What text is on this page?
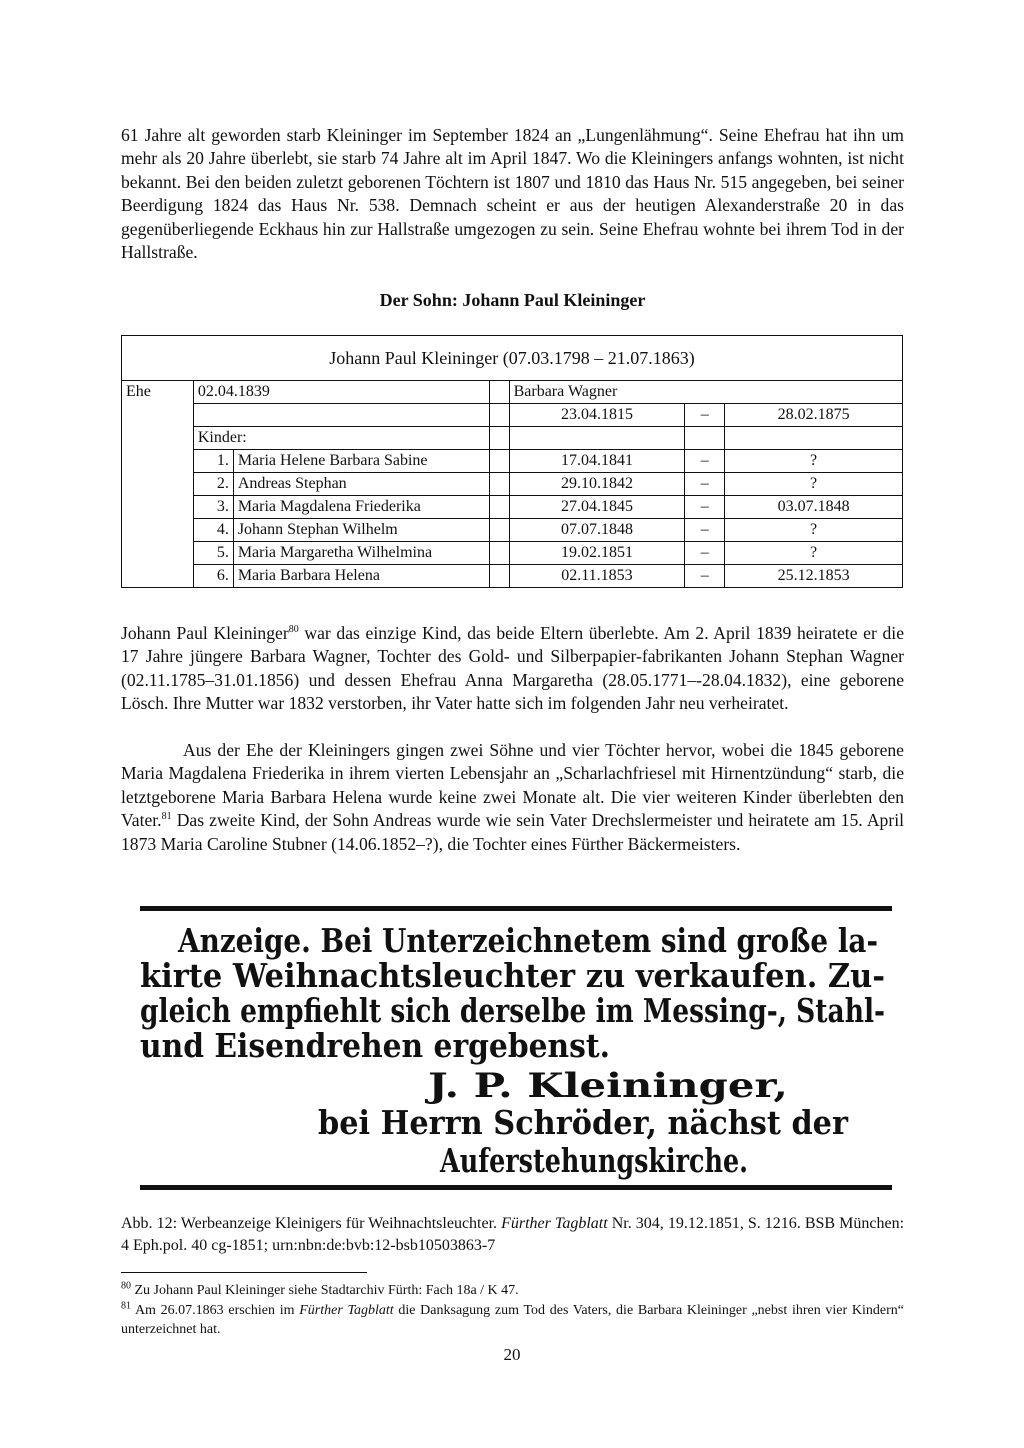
61 Jahre alt geworden starb Kleininger im September 1824 an „Lungenlähmung“. Seine Ehefrau hat ihn um mehr als 20 Jahre überlebt, sie starb 74 Jahre alt im April 1847. Wo die Kleiningers anfangs wohnten, ist nicht bekannt. Bei den beiden zuletzt geborenen Töchtern ist 1807 und 1810 das Haus Nr. 515 angegeben, bei seiner Beerdigung 1824 das Haus Nr. 538. Demnach scheint er aus der heutigen Alexanderstraße 20 in das gegenüberliegende Eckhaus hin zur Hallstraße umgezogen zu sein. Seine Ehefrau wohnte bei ihrem Tod in der Hallstraße.

Der Sohn: Johann Paul Kleininger

Johann Paul Kleininger (07.03.1798 – 21.07.1863)						
Ehe	02.04.1839			Barbara Wagner		
				23.04.1815	–	28.02.1875
	Kinder:					
	1.	Maria Helene Barbara Sabine		17.04.1841	–	?
	2.	Andreas Stephan		29.10.1842	–	?
	3.	Maria Magdalena Friederika		27.04.1845	–	03.07.1848
	4.	Johann Stephan Wilhelm		07.07.1848	–	?
	5.	Maria Margaretha Wilhelmina		19.02.1851	–	?
	6.	Maria Barbara Helena		02.11.1853	–	25.12.1853

Johann Paul Kleininger$^{80}$ war das einzige Kind, das beide Eltern überlebte. Am 2. April 1839 heiratete er die 17 Jahre jüngere Barbara Wagner, Tochter des Gold- und Silberpapier-fabrikanten Johann Stephan Wagner (02.11.1785–31.01.1856) und dessen Ehefrau Anna Margaretha (28.05.1771–-28.04.1832), eine geborene Lösch. Ihre Mutter war 1832 verstorben, ihr Vater hatte sich im folgenden Jahr neu verheiratet.

Aus der Ehe der Kleiningers gingen zwei Söhne und vier Töchter hervor, wobei die 1845 geborene Maria Magdalena Friederika in ihrem vierten Lebensjahr an „Scharlachfriesel mit Hirnentzündung“ starb, die letztgeborene Maria Barbara Helena wurde keine zwei Monate alt. Die vier weiteren Kinder überlebten den Vater.$^{81}$ Das zweite Kind, der Sohn Andreas wurde wie sein Vater Drechslermeister und heiratete am 15. April 1873 Maria Caroline Stubner (14.06.1852–?), die Tochter eines Fürther Bäckermeisters.

Anzeige. Bei Unterzeichnetem sind große la-
kirte Weihnachtsleuchter zu verkaufen. Zu-
gleich empfiehlt sich derselbe im Messing-, Stahl-
und Eisendrehen ergebenst.
J. P. Kleininger,
bei Herrn Schröder, nächst der
Auferstehungskirche.

Abb. 12: Werbeanzeige Kleinigers für Weihnachtsleuchter. Fürther Tagblatt Nr. 304, 19.12.1851, S. 1216. BSB München: 4 Eph.pol. 40 cg-1851; urn:nbn:de:bvb:12-bsb10503863-7

$^{80}$ Zu Johann Paul Kleininger siehe Stadtarchiv Fürth: Fach 18a / K 47.

$^{81}$ Am 26.07.1863 erschien im Fürther Tagblatt die Danksagung zum Tod des Vaters, die Barbara Kleininger „nebst ihren vier Kindern“ unterzeichnet hat.

20
